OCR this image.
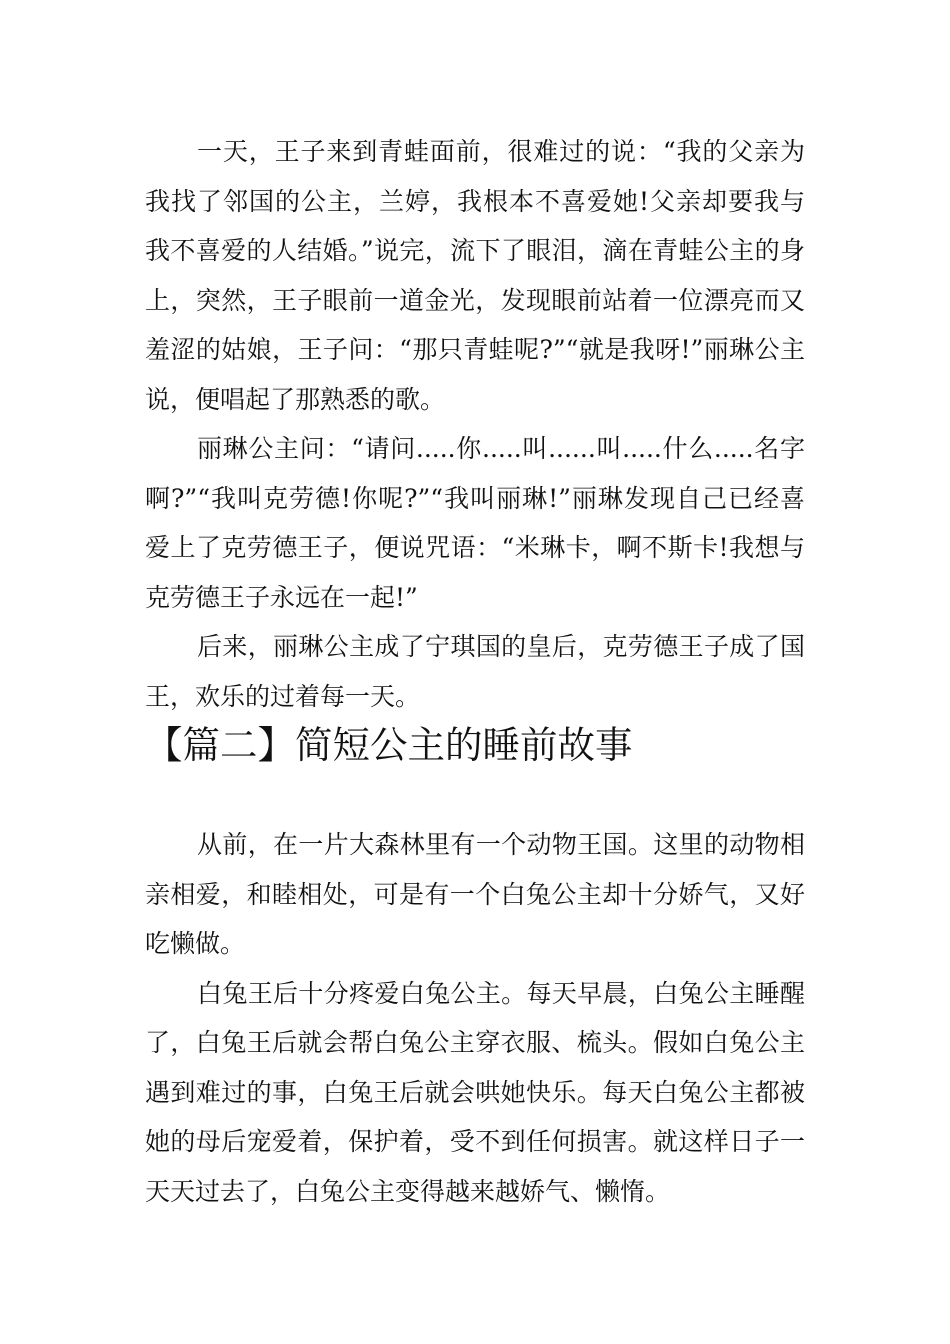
一天，王子来到青蛙面前，很难过的说：“我的父亲为我找了邻国的公主，兰婷，我根本不喜爱她!父亲却要我与我不喜爱的人结婚。”说完，流下了眼泪，滴在青蛙公主的身上，突然，王子眼前一道金光，发现眼前站着一位漂亮而又羞涩的姑娘，王子问：“那只青蛙呢?”“就是我呀!”丽琳公主说，便唱起了那熟悉的歌。

丽琳公主问：“请问.....你.....叫......叫.....什么.....名字啊?”“我叫克劳德!你呢?”“我叫丽琳!”丽琳发现自己已经喜爱上了克劳德王子，便说咒语：“米琳卡，啊不斯卡!我想与克劳德王子永远在一起!”

后来，丽琳公主成了宁琪国的皇后，克劳德王子成了国王，欢乐的过着每一天。

【篇二】简短公主的睡前故事

从前，在一片大森林里有一个动物王国。这里的动物相亲相爱，和睦相处，可是有一个白兔公主却十分娇气，又好吃懒做。

白兔王后十分疼爱白兔公主。每天早晨，白兔公主睡醒了，白兔王后就会帮白兔公主穿衣服、梳头。假如白兔公主遇到难过的事，白兔王后就会哄她快乐。每天白兔公主都被她的母后宠爱着，保护着，受不到任何损害。就这样日子一天天过去了，白兔公主变得越来越娇气、懒惰。
